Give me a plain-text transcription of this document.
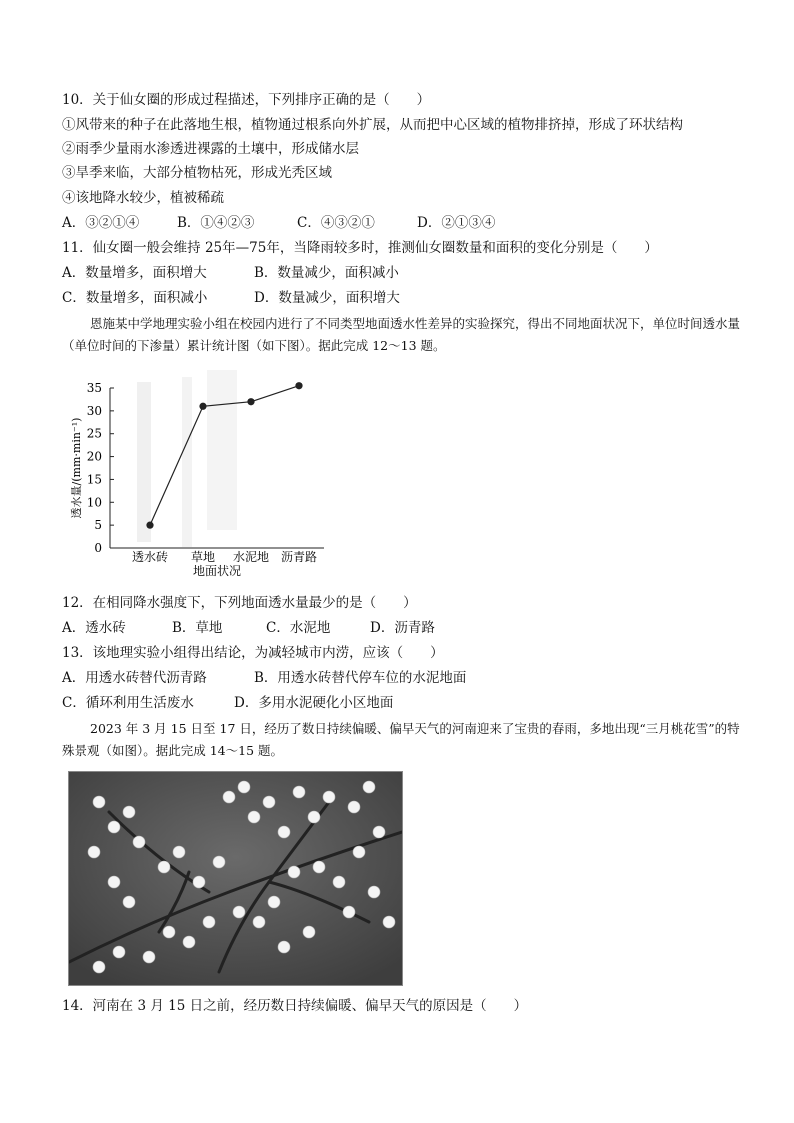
10．关于仙女圈的形成过程描述，下列排序正确的是（　　）
①风带来的种子在此落地生根，植物通过根系向外扩展，从而把中心区域的植物排挤掉，形成了环状结构
②雨季少量雨水渗透进裸露的土壤中，形成储水层
③旱季来临，大部分植物枯死，形成光秃区域
④该地降水较少，植被稀疏
A．③②①④	B．①④②③	C．④③②①	D．②①③④
11．仙女圈一般会维持 25年—75年，当降雨较多时，推测仙女圈数量和面积的变化分别是（　　）
A．数量增多，面积增大	B．数量减少，面积减小
C．数量增多，面积减小	D．数量减少，面积增大
恩施某中学地理实验小组在校园内进行了不同类型地面透水性差异的实验探究，得出不同地面状况下，单位时间透水量（单位时间的下渗量）累计统计图（如下图）。据此完成 12～13 题。
0
5
10
15
20
25
30
35
透水砖 草地 水泥地 沥青路
地面状况
透水量/(mm·min⁻¹)
12．在相同降水强度下，下列地面透水量最少的是（　　）
A．透水砖	B．草地	C．水泥地	D．沥青路
13．该地理实验小组得出结论，为减轻城市内涝，应该（　　）
A．用透水砖替代沥青路	B．用透水砖替代停车位的水泥地面
C．循环利用生活废水	D．多用水泥硬化小区地面
2023 年 3 月 15 日至 17 日，经历了数日持续偏暖、偏早天气的河南迎来了宝贵的春雨，多地出现“三月桃花雪”的特殊景观（如图）。据此完成 14～15 题。
14．河南在 3 月 15 日之前，经历数日持续偏暖、偏早天气的原因是（　　）
